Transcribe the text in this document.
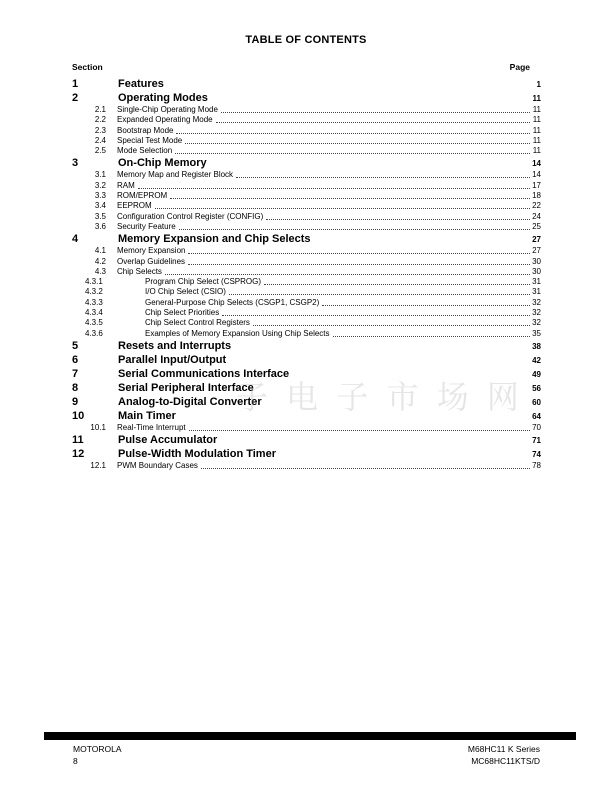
TABLE OF CONTENTS
Section	Page
1	Features	1
2	Operating Modes	11
2.1 Single-Chip Operating Mode	11
2.2 Expanded Operating Mode	11
2.3 Bootstrap Mode	11
2.4 Special Test Mode	11
2.5 Mode Selection	11
3	On-Chip Memory	14
3.1 Memory Map and Register Block	14
3.2 RAM	17
3.3 ROM/EPROM	18
3.4 EEPROM	22
3.5 Configuration Control Register (CONFIG)	24
3.6 Security Feature	25
4	Memory Expansion and Chip Selects	27
4.1 Memory Expansion	27
4.2 Overlap Guidelines	30
4.3 Chip Selects	30
4.3.1	Program Chip Select (CSPROG)	31
4.3.2	I/O Chip Select (CSIO)	31
4.3.3	General-Purpose Chip Selects (CSGP1, CSGP2)	32
4.3.4	Chip Select Priorities	32
4.3.5	Chip Select Control Registers	32
4.3.6	Examples of Memory Expansion Using Chip Selects	35
5	Resets and Interrupts	38
6	Parallel Input/Output	42
7	Serial Communications Interface	49
8	Serial Peripheral Interface	56
9	Analog-to-Digital Converter	60
10	Main Timer	64
10.1 Real-Time Interrupt	70
11	Pulse Accumulator	71
12	Pulse-Width Modulation Timer	74
12.1 PWM Boundary Cases	78
子 电 子 市 场 网
MOTOROLA
8
M68HC11 K Series
MC68HC11KTS/D
